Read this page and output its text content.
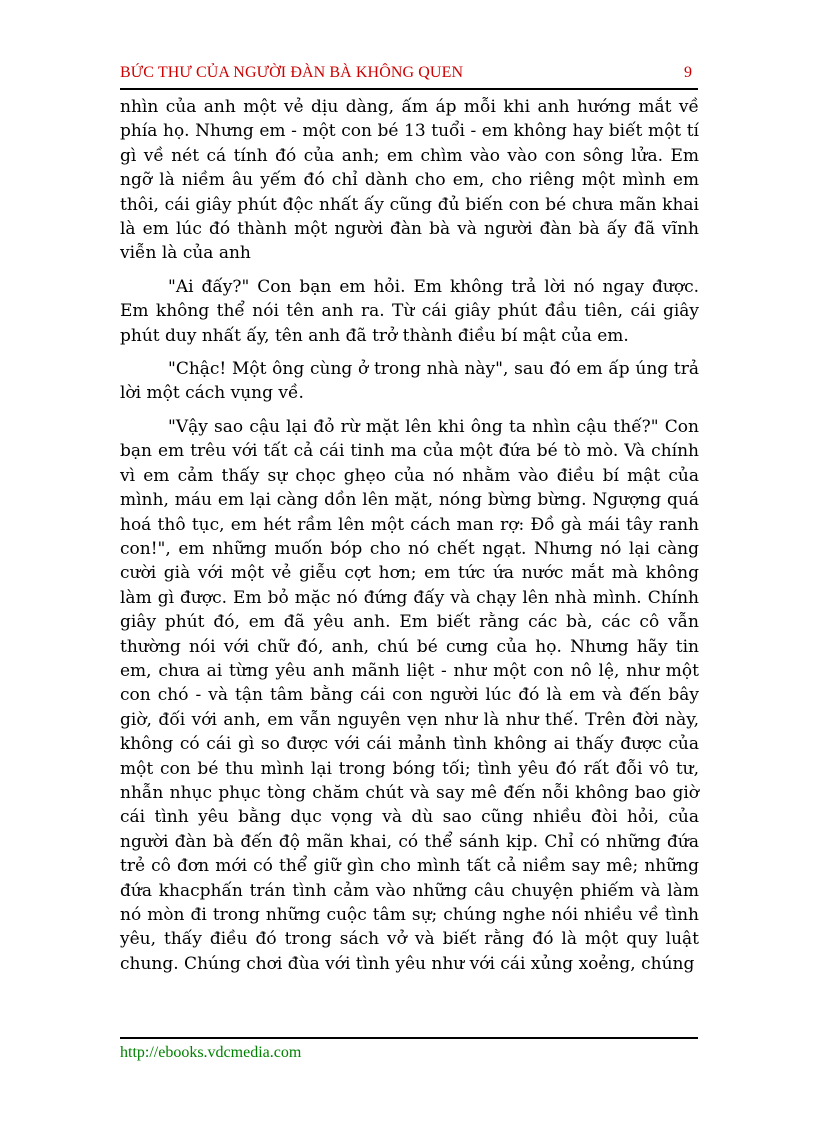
BỨC THƯ CỦA NGƯỜI ĐÀN BÀ KHÔNG QUEN	9

nhìn của anh một vẻ dịu dàng, ấm áp mỗi khi anh hướng mắt về phía họ. Nhưng em - một con bé 13 tuổi - em không hay biết một tí gì về nét cá tính đó của anh; em chìm vào vào con sông lửa. Em ngỡ là niềm âu yếm đó chỉ dành cho em, cho riêng một mình em thôi, cái giây phút độc nhất ấy cũng đủ biến con bé chưa mãn khai là em lúc đó thành một người đàn bà và người đàn bà ấy đã vĩnh viễn là của anh

"Ai đấy?" Con bạn em hỏi. Em không trả lời nó ngay được. Em không thể nói tên anh ra. Từ cái giây phút đầu tiên, cái giây phút duy nhất ấy, tên anh đã trở thành điều bí mật của em.

"Chậc! Một ông cùng ở trong nhà này", sau đó em ấp úng trả lời một cách vụng về.

"Vậy sao cậu lại đỏ rừ mặt lên khi ông ta nhìn cậu thế?" Con bạn em trêu với tất cả cái tinh ma của một đứa bé tò mò. Và chính vì em cảm thấy sự chọc ghẹo của nó nhằm vào điều bí mật của mình, máu em lại càng dồn lên mặt, nóng bừng bừng. Ngượng quá hoá thô tục, em hét rầm lên một cách man rợ: Đồ gà mái tây ranh con!", em những muốn bóp cho nó chết ngạt. Nhưng nó lại càng cười già với một vẻ giễu cợt hơn; em tức ứa nước mắt mà không làm gì được. Em bỏ mặc nó đứng đấy và chạy lên nhà mình. Chính giây phút đó, em đã yêu anh. Em biết rằng các bà, các cô vẫn thường nói với chữ đó, anh, chú bé cưng của họ. Nhưng hãy tin em, chưa ai từng yêu anh mãnh liệt - như một con nô lệ, như một con chó - và tận tâm bằng cái con người lúc đó là em và đến bây giờ, đối với anh, em vẫn nguyên vẹn như là như thế. Trên đời này, không có cái gì so được với cái mảnh tình không ai thấy được của một con bé thu mình lại trong bóng tối; tình yêu đó rất đỗi vô tư, nhẫn nhục phục tòng chăm chút và say mê đến nỗi không bao giờ cái tình yêu bằng dục vọng và dù sao cũng nhiều đòi hỏi, của người đàn bà đến độ mãn khai, có thể sánh kịp. Chỉ có những đứa trẻ cô đơn mới có thể giữ gìn cho mình tất cả niềm say mê; những đứa khacphấn trán tình cảm vào những câu chuyện phiếm và làm nó mòn đi trong những cuộc tâm sự; chúng nghe nói nhiều về tình yêu, thấy điều đó trong sách vở và biết rằng đó là một quy luật chung. Chúng chơi đùa với tình yêu như với cái xủng xoẻng, chúng

http://ebooks.vdcmedia.com
